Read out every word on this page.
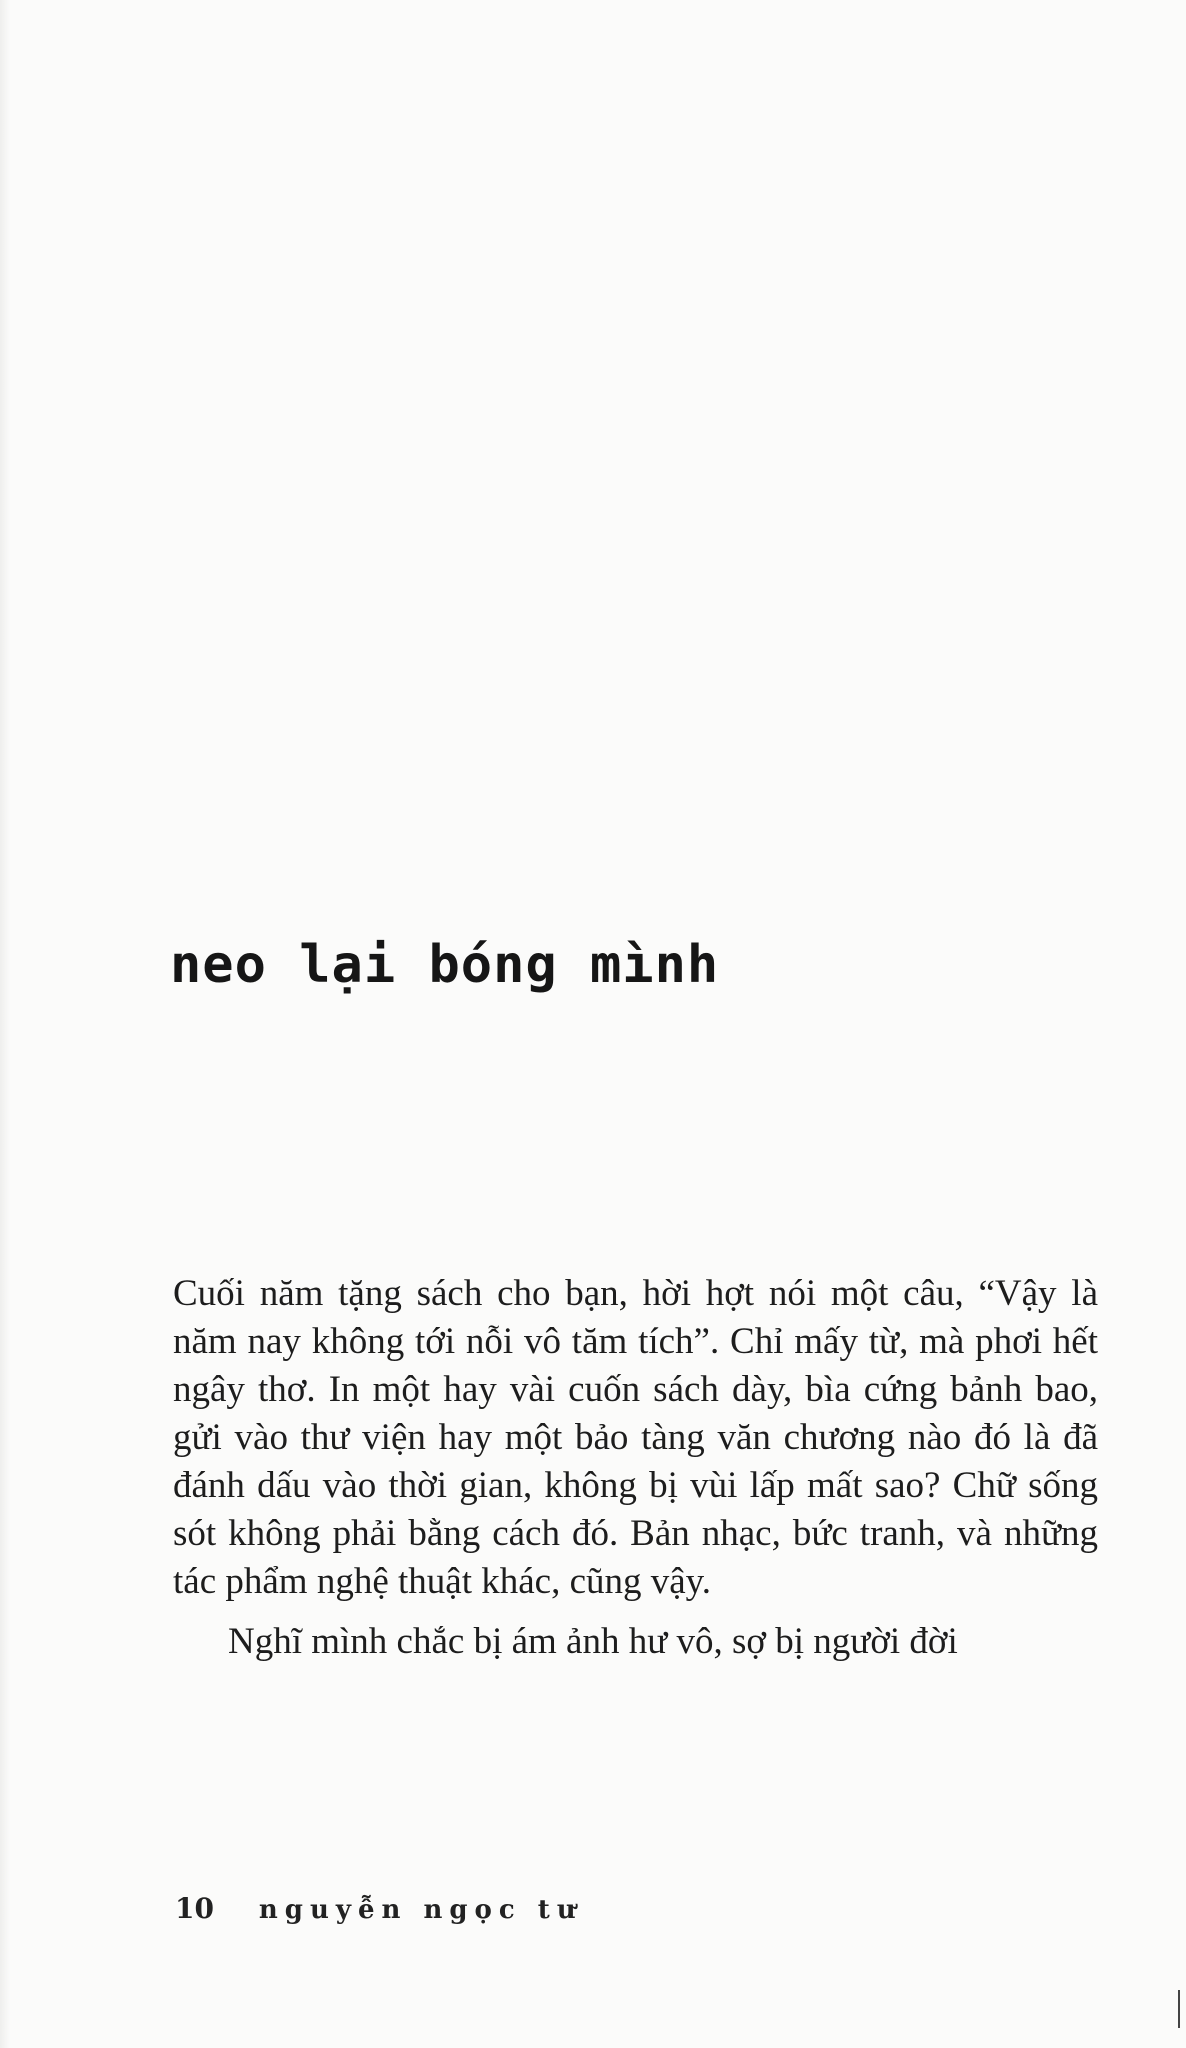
neo lại bóng mình

Cuối năm tặng sách cho bạn, hời hợt nói một câu, “Vậy là năm nay không tới nỗi vô tăm tích”. Chỉ mấy từ, mà phơi hết ngây thơ. In một hay vài cuốn sách dày, bìa cứng bảnh bao, gửi vào thư viện hay một bảo tàng văn chương nào đó là đã đánh dấu vào thời gian, không bị vùi lấp mất sao? Chữ sống sót không phải bằng cách đó. Bản nhạc, bức tranh, và những tác phẩm nghệ thuật khác, cũng vậy.

Nghĩ mình chắc bị ám ảnh hư vô, sợ bị người đời

10 nguyễn ngọc tư
